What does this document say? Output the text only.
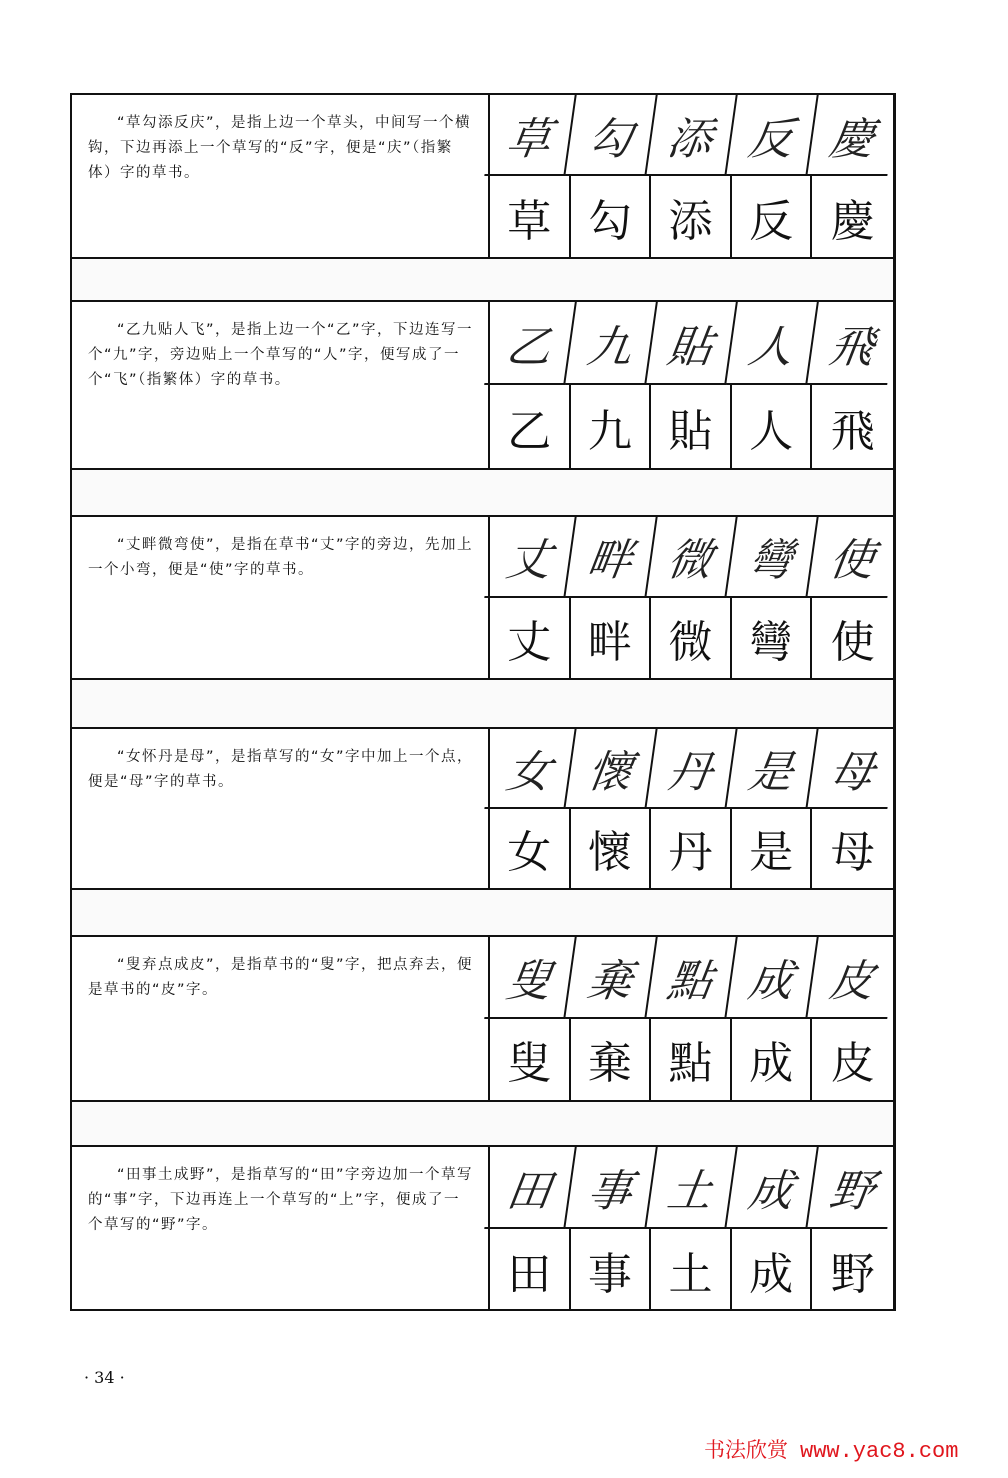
“草勾添反庆”，是指上边一个草头，中间写一个横钩，下边再添上一个草写的“反”字，便是“庆”（指繁体）字的草书。
草 勾 添 反 慶
草 勾 添 反 慶
“乙九贴人飞”，是指上边一个“乙”字，下边连写一个“九”字，旁边贴上一个草写的“人”字，便写成了一个“飞”（指繁体）字的草书。
乙 九 貼 人 飛
乙 九 貼 人 飛
“丈畔微弯使”，是指在草书“丈”字的旁边，先加上一个小弯，便是“使”字的草书。	丈 畔 微 彎 使
丈 畔 微 彎 使
“女怀丹是母”，是指草写的“女”字中加上一个点，便是“母”字的草书。	女 懷 丹 是 母
女 懷 丹 是 母
“叟弃点成皮”，是指草书的“叟”字，把点弃去，便是草书的“皮”字。	叟 棄 點 成 皮
叟 棄 點 成 皮
“田事土成野”，是指草写的“田”字旁边加一个草写的“事”字，下边再连上一个草写的“上”字，便成了一个草写的“野”字。
田 事 土 成 野
田 事 土 成 野
· 34 ·
书法欣赏 www.yac8.com
